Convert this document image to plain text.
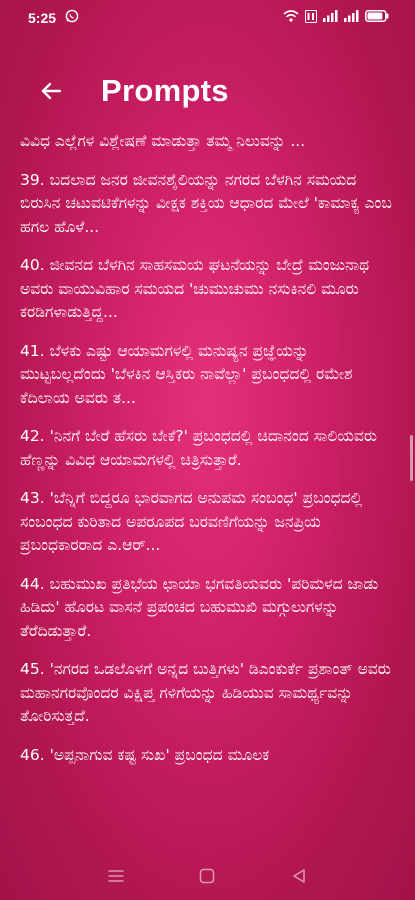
5:25
Prompts

ವಿವಿಧ ಎಲ್ಲೆಗಳ ವಿಶ್ಲೇಷಣೆ ಮಾಡುತ್ತಾ ತಮ್ಮ ನಿಲುವನ್ನು ...

39. ಬದಲಾದ ಜನರ ಜೀವನಶೈಲಿಯನ್ನು ನಗರದ ಬೆಳಗಿನ ಸಮಯದ ಬಿರುಸಿನ ಚಟುವಟಿಕೆಗಳನ್ನು ವೀಕ್ಷಕ ಶಕ್ತಿಯ ಆಧಾರದ ಮೇಲೆ 'ಕಾಮಾಕ್ಯ ಎಂಬ ಹಗಲ ಹೊಳೆ...

40. ಜೀವನದ ಬೆಳಗಿನ ಸಾಹಸಮಯ ಘಟನೆಯನ್ನು ಬೇದ್ರೆ ಮಂಜುನಾಥ ಅವರು ವಾಯುವಿಹಾರ ಸಮಯದ 'ಚುಮುಚುಮು ನಸುಕಿನಲಿ ಮೂರು ಕರಡಿಗಳಾಡುತ್ತಿದ್ದ...

41. ಬೆಳಕು ಎಷ್ಟು ಆಯಾಮಗಳಲ್ಲಿ ಮನುಷ್ಯನ ಪ್ರಜ್ಞೆಯನ್ನು ಮುಟ್ಟಬಲ್ಲದೆಂದು 'ಬೆಳಕಿನ ಆಸ್ತಿಕರು ನಾವೆಲ್ಲಾ' ಪ್ರಬಂಧದಲ್ಲಿ ರಮೇಶ ಕೆದಿಲಾಯ ಅವರು ತ...

42. 'ನಿನಗೆ ಬೇರೆ ಹೆಸರು ಬೇಕೆ?' ಪ್ರಬಂಧದಲ್ಲಿ ಚಿದಾನಂದ ಸಾಲಿಯವರು ಹೆಣ್ಣನ್ನು ವಿವಿಧ ಆಯಾಮಗಳಲ್ಲಿ ಚಿತ್ರಿಸುತ್ತಾರೆ.

43. 'ಬೆನ್ನಿಗೆ ಬಿದ್ದರೂ ಭಾರವಾಗದ ಅನುಪಮ ಸಂಬಂಧ' ಪ್ರಬಂಧದಲ್ಲಿ ಸಂಬಂಧದ ಕುರಿತಾದ ಅಪರೂಪದ ಬರವಣಿಗೆಯನ್ನು ಜನಪ್ರಿಯ ಪ್ರಬಂಧಕಾರರಾದ ಎ.ಆರ್...

44. ಬಹುಮುಖ ಪ್ರತಿಭೆಯ ಛಾಯಾ ಭಗವತಿಯವರು 'ಪರಿಮಳದ ಜಾಡು ಹಿಡಿದು' ಹೊರಟ ವಾಸನೆ ಪ್ರಪಂಚದ ಬಹುಮುಖಿ ಮಗ್ಗುಲುಗಳನ್ನು ತೆರೆದಿಡುತ್ತಾರೆ.

45. 'ನಗರದ ಒಡಲೊಳಗೆ ಅನ್ನದ ಬುತ್ತಿಗಳು' ಡಿಎಂಕುರ್ಕೆ ಪ್ರಶಾಂತ್ ಅವರು ಮಹಾನಗರವೊಂದರ ವಿಕ್ಷಿಪ್ತ ಗಳಿಗೆಯನ್ನು ಹಿಡಿಯುವ ಸಾಮರ್ಥ್ಯವನ್ನು ತೋರಿಸುತ್ತದೆ.

46. 'ಅಪ್ಪನಾಗುವ ಕಷ್ಟ ಸುಖ' ಪ್ರಬಂಧದ ಮೂಲಕ
